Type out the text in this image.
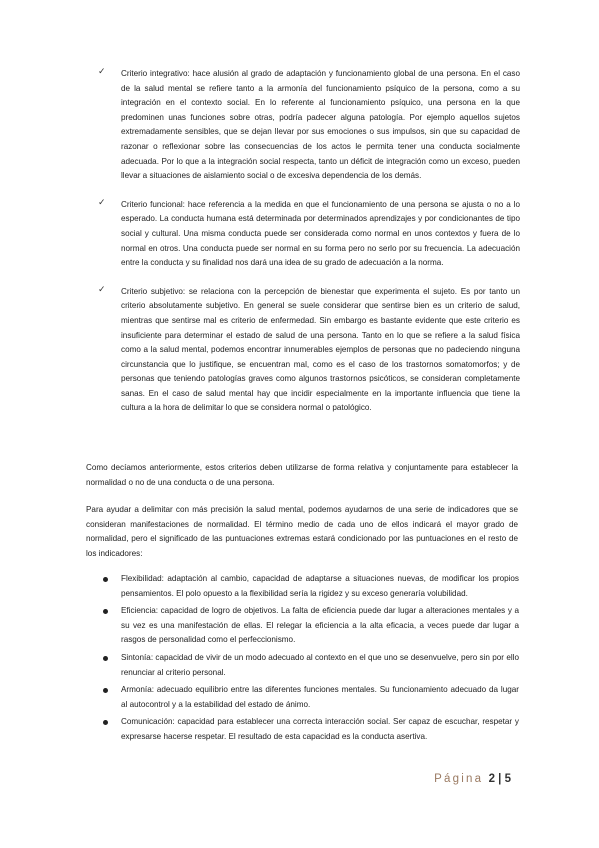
✓ Criterio integrativo: hace alusión al grado de adaptación y funcionamiento global de una persona. En el caso de la salud mental se refiere tanto a la armonía del funcionamiento psíquico de la persona, como a su integración en el contexto social. En lo referente al funcionamiento psíquico, una persona en la que predominen unas funciones sobre otras, podría padecer alguna patología. Por ejemplo aquellos sujetos extremadamente sensibles, que se dejan llevar por sus emociones o sus impulsos, sin que su capacidad de razonar o reflexionar sobre las consecuencias de los actos le permita tener una conducta socialmente adecuada. Por lo que a la integración social respecta, tanto un déficit de integración como un exceso, pueden llevar a situaciones de aislamiento social o de excesiva dependencia de los demás.

✓ Criterio funcional: hace referencia a la medida en que el funcionamiento de una persona se ajusta o no a lo esperado. La conducta humana está determinada por determinados aprendizajes y por condicionantes de tipo social y cultural. Una misma conducta puede ser considerada como normal en unos contextos y fuera de lo normal en otros. Una conducta puede ser normal en su forma pero no serlo por su frecuencia. La adecuación entre la conducta y su finalidad nos dará una idea de su grado de adecuación a la norma.

✓ Criterio subjetivo: se relaciona con la percepción de bienestar que experimenta el sujeto. Es por tanto un criterio absolutamente subjetivo. En general se suele considerar que sentirse bien es un criterio de salud, mientras que sentirse mal es criterio de enfermedad. Sin embargo es bastante evidente que este criterio es insuficiente para determinar el estado de salud de una persona. Tanto en lo que se refiere a la salud física como a la salud mental, podemos encontrar innumerables ejemplos de personas que no padeciendo ninguna circunstancia que lo justifique, se encuentran mal, como es el caso de los trastornos somatomorfos; y de personas que teniendo patologías graves como algunos trastornos psicóticos, se consideran completamente sanas. En el caso de salud mental hay que incidir especialmente en la importante influencia que tiene la cultura a la hora de delimitar lo que se considera normal o patológico.

Como decíamos anteriormente, estos criterios deben utilizarse de forma relativa y conjuntamente para establecer la normalidad o no de una conducta o de una persona.

Para ayudar a delimitar con más precisión la salud mental, podemos ayudarnos de una serie de indicadores que se consideran manifestaciones de normalidad. El término medio de cada uno de ellos indicará el mayor grado de normalidad, pero el significado de las puntuaciones extremas estará condicionado por las puntuaciones en el resto de los indicadores:

Flexibilidad: adaptación al cambio, capacidad de adaptarse a situaciones nuevas, de modificar los propios pensamientos. El polo opuesto a la flexibilidad sería la rigidez y su exceso generaría volubilidad.

Eficiencia: capacidad de logro de objetivos. La falta de eficiencia puede dar lugar a alteraciones mentales y a su vez es una manifestación de ellas. El relegar la eficiencia a la alta eficacia, a veces puede dar lugar a rasgos de personalidad como el perfeccionismo.

Sintonía: capacidad de vivir de un modo adecuado al contexto en el que uno se desenvuelve, pero sin por ello renunciar al criterio personal.

Armonía: adecuado equilibrio entre las diferentes funciones mentales. Su funcionamiento adecuado da lugar al autocontrol y a la estabilidad del estado de ánimo.

Comunicación: capacidad para establecer una correcta interacción social. Ser capaz de escuchar, respetar y expresarse hacerse respetar. El resultado de esta capacidad es la conducta asertiva.

Página 2 | 5
